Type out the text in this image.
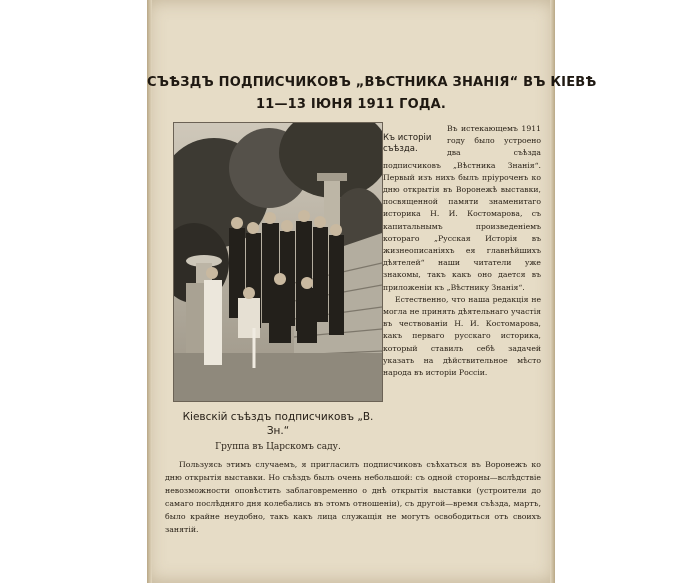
СЪѢЗДЪ ПОДПИСЧИКОВЪ „ВѢСТНИКА ЗНАНІЯ“ ВЪ КІЕВѢ
11—13 ІЮНЯ 1911 ГОДА.
Къ исторіи съѣзда.

Въ истекающемъ 1911 году было устроено два съѣзда подписчиковъ „Вѣстника Знанія“. Первый изъ нихъ былъ пріуроченъ ко дню открытія въ Воронежѣ выставки, посвященной памяти знаменитаго историка Н. И. Костомарова, съ капитальнымъ произведеніемъ котораго „Русская Исторія въ жизнеописаніяхъ ея главнѣйшихъ дѣятелей“ наши читатели уже знакомы, такъ какъ оно дается въ приложеніи къ „Вѣстнику Знанія“.

Естественно, что наша редакція не могла не принять дѣятельнаго участія въ чествованіи Н. И. Костомарова, какъ перваго русскаго историка, который ставилъ себѣ задачей указать на дѣйствительное мѣсто народа въ исторіи Россіи.

Кіевскій съѣздъ подписчиковъ „В. Зн.“
Группа въ Царскомъ саду.

Пользуясь этимъ случаемъ, я пригласилъ подписчиковъ съѣхаться въ Воронежъ ко дню открытія выставки. Но съѣздъ былъ очень небольшой: съ одной стороны—вслѣдствіе невозможности оповѣстить заблаговременно о днѣ открытія выставки (устроители до самаго послѣдняго дня колебались въ этомъ отношеніи), съ другой—время съѣзда, мартъ, было крайне неудобно, такъ какъ лица служащія не могутъ освободиться отъ своихъ занятій.
